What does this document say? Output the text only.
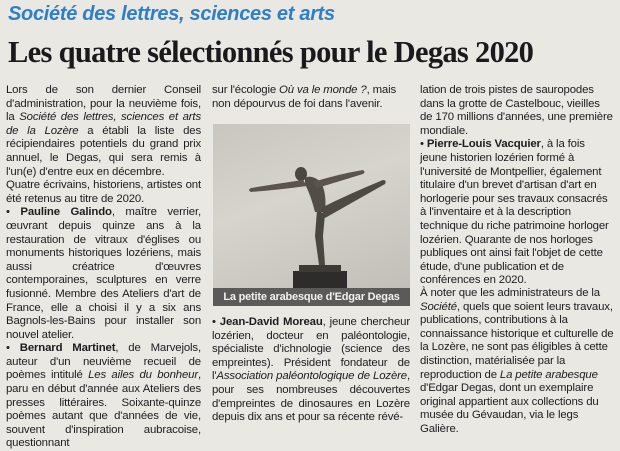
Société des lettres, sciences et arts
Les quatre sélectionnés pour le Degas 2020

Lors de son dernier Conseil d'administration, pour la neuvième fois, la Société des lettres, sciences et arts de la Lozère a établi la liste des récipiendaires potentiels du grand prix annuel, le Degas, qui sera remis à l'un(e) d'entre eux en décembre.

Quatre écrivains, historiens, artistes ont été retenus au titre de 2020.

• Pauline Galindo, maître verrier, œuvrant depuis quinze ans à la restauration de vitraux d'églises ou monuments historiques lozériens, mais aussi créatrice d'œuvres contemporaines, sculptures en verre fusionné. Membre des Ateliers d'art de France, elle a choisi il y a six ans Bagnols-les-Bains pour installer son nouvel atelier.

• Bernard Martinet, de Marvejols, auteur d'un neuvième recueil de poèmes intitulé Les ailes du bonheur, paru en début d'année aux Ateliers des presses littéraires. Soixante-quinze poèmes autant que d'années de vie, souvent d'inspiration aubracoise, questionnant

sur l'écologie Où va le monde ?, mais non dépourvus de foi dans l'avenir.

• Jean-David Moreau, jeune chercheur lozérien, docteur en paléontologie, spécialiste d'ichnologie (science des empreintes). Président fondateur de l'Association paléontologique de Lozère, pour ses nombreuses découvertes d'empreintes de dinosaures en Lozère depuis dix ans et pour sa récente révé-

La petite arabesque d'Edgar Degas

lation de trois pistes de sauropodes dans la grotte de Castelbouc, vieilles de 170 millions d'années, une première mondiale.

• Pierre-Louis Vacquier, à la fois jeune historien lozérien formé à l'université de Montpellier, également titulaire d'un brevet d'artisan d'art en horlogerie pour ses travaux consacrés à l'inventaire et à la description technique du riche patrimoine horloger lozérien. Quarante de nos horloges publiques ont ainsi fait l'objet de cette étude, d'une publication et de conférences en 2020.

À noter que les administrateurs de la Société, quels que soient leurs travaux, publications, contributions à la connaissance historique et culturelle de la Lozère, ne sont pas éligibles à cette distinction, matérialisée par la reproduction de La petite arabesque d'Edgar Degas, dont un exemplaire original appartient aux collections du musée du Gévaudan, via le legs Galière.
